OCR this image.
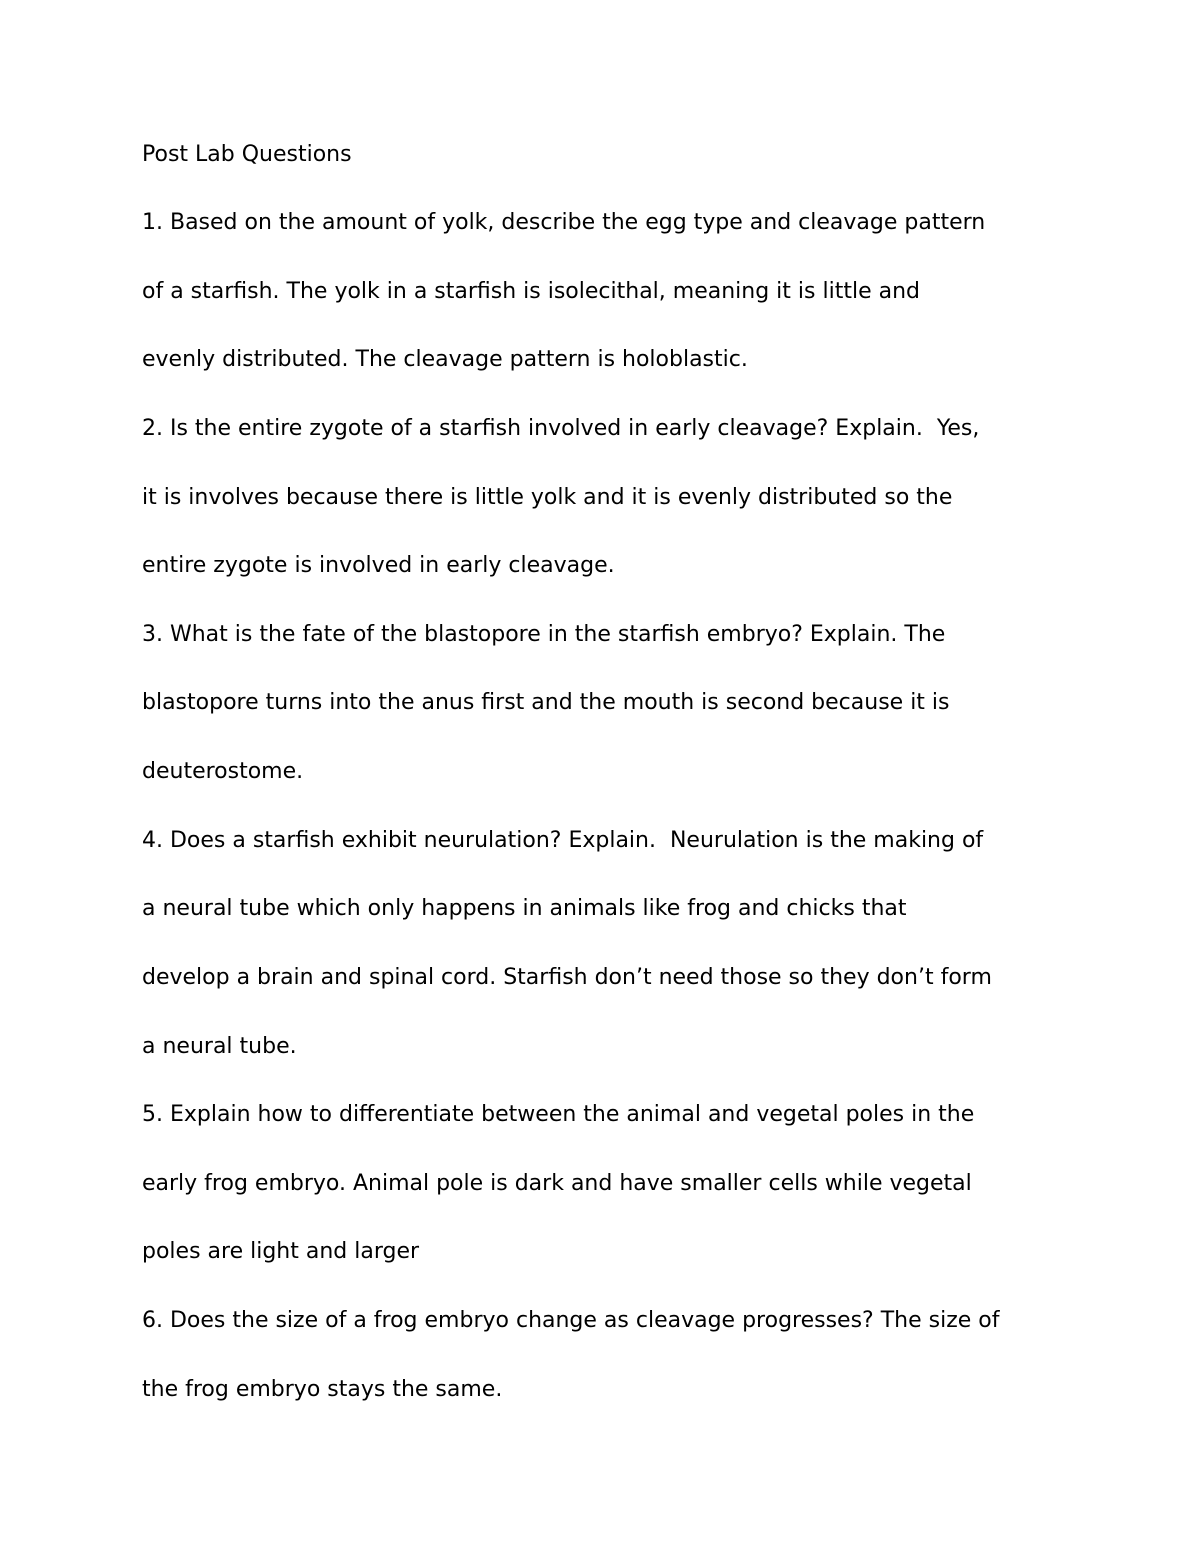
Post Lab Questions

1. Based on the amount of yolk, describe the egg type and cleavage pattern

of a starfish. The yolk in a starfish is isolecithal, meaning it is little and

evenly distributed. The cleavage pattern is holoblastic.

2. Is the entire zygote of a starfish involved in early cleavage? Explain.  Yes,

it is involves because there is little yolk and it is evenly distributed so the

entire zygote is involved in early cleavage.

3. What is the fate of the blastopore in the starfish embryo? Explain. The

blastopore turns into the anus first and the mouth is second because it is

deuterostome.

4. Does a starfish exhibit neurulation? Explain.  Neurulation is the making of

a neural tube which only happens in animals like frog and chicks that

develop a brain and spinal cord. Starfish don’t need those so they don’t form

a neural tube.

5. Explain how to differentiate between the animal and vegetal poles in the

early frog embryo. Animal pole is dark and have smaller cells while vegetal

poles are light and larger

6. Does the size of a frog embryo change as cleavage progresses? The size of

the frog embryo stays the same.
